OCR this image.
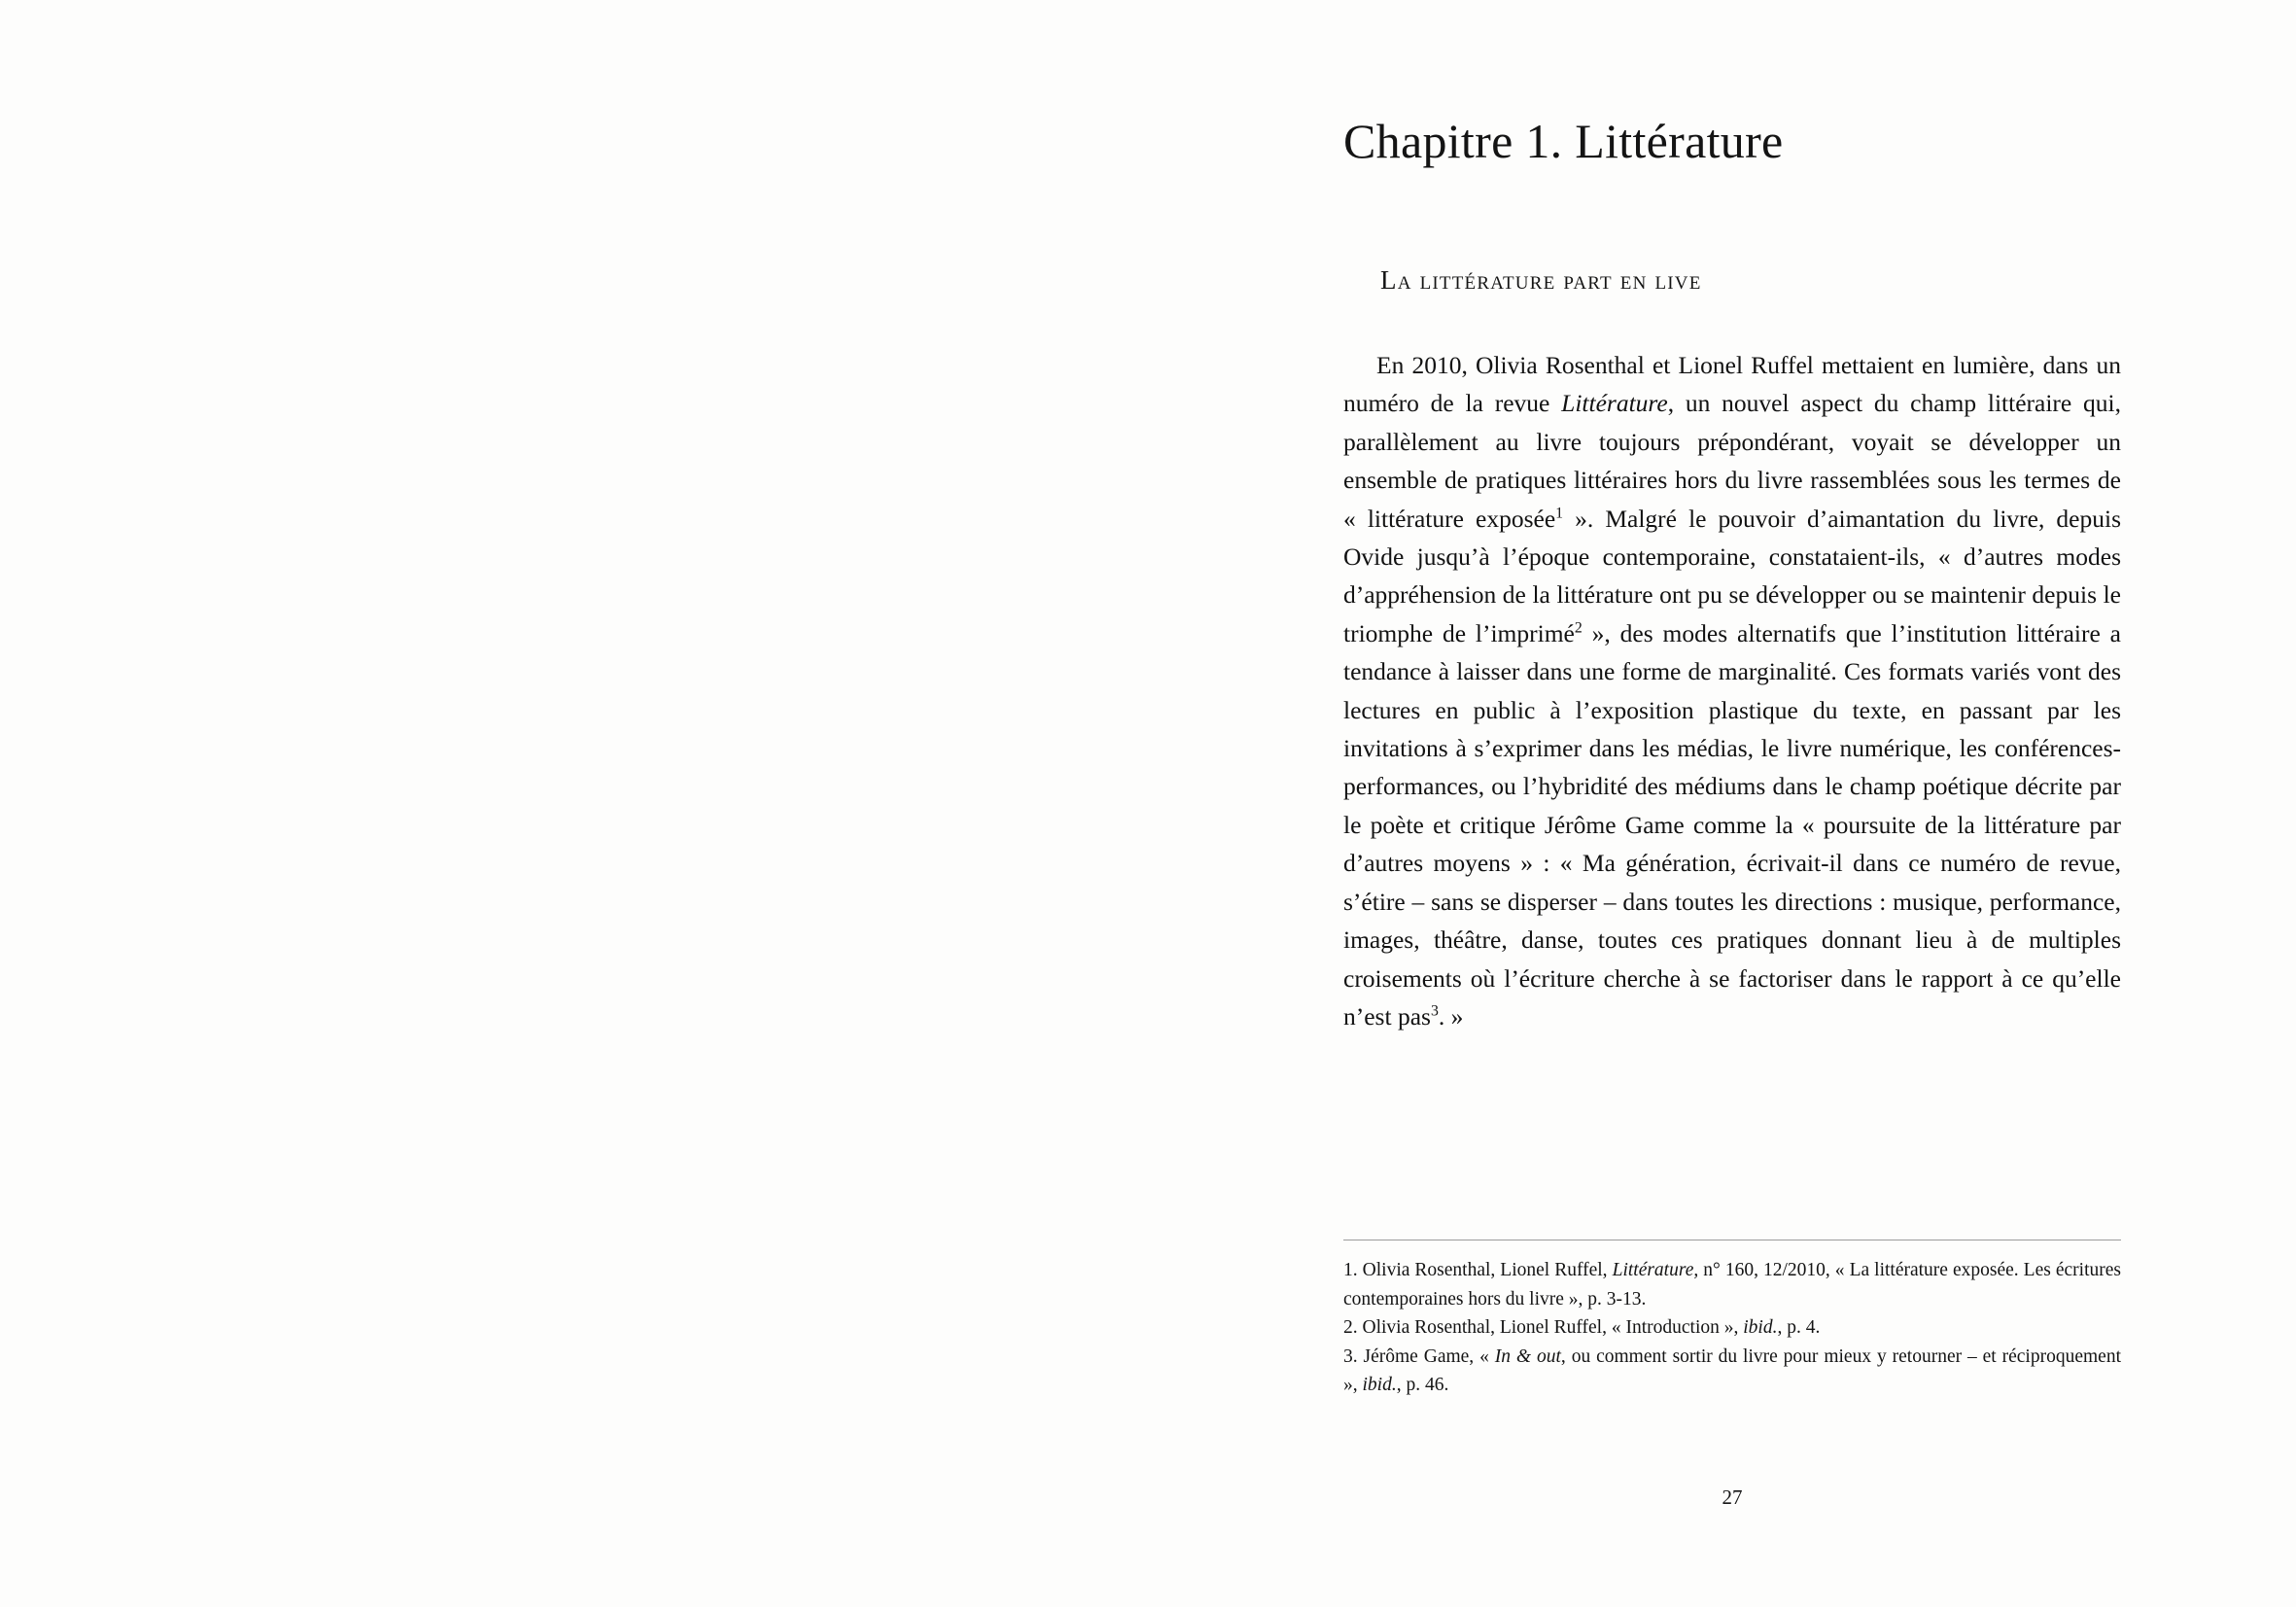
Chapitre 1. Littérature
La littérature part en live

En 2010, Olivia Rosenthal et Lionel Ruffel mettaient en lumière, dans un numéro de la revue Littérature, un nouvel aspect du champ littéraire qui, parallèlement au livre toujours prépondérant, voyait se développer un ensemble de pratiques littéraires hors du livre rassemblées sous les termes de « littérature exposée$^1$ ». Malgré le pouvoir d’aimantation du livre, depuis Ovide jusqu’à l’époque contemporaine, constataient-ils, « d’autres modes d’appréhension de la littérature ont pu se développer ou se maintenir depuis le triomphe de l’imprimé$^2$ », des modes alternatifs que l’institution littéraire a tendance à laisser dans une forme de marginalité. Ces formats variés vont des lectures en public à l’exposition plastique du texte, en passant par les invitations à s’exprimer dans les médias, le livre numérique, les conférences-performances, ou l’hybridité des médiums dans le champ poétique décrite par le poète et critique Jérôme Game comme la « poursuite de la littérature par d’autres moyens » : « Ma génération, écrivait-il dans ce numéro de revue, s’étire – sans se disperser – dans toutes les directions : musique, performance, images, théâtre, danse, toutes ces pratiques donnant lieu à de multiples croisements où l’écriture cherche à se factoriser dans le rapport à ce qu’elle n’est pas$^3$. »

1. Olivia Rosenthal, Lionel Ruffel, Littérature, n° 160, 12/2010, « La littérature exposée. Les écritures contemporaines hors du livre », p. 3-13.

2. Olivia Rosenthal, Lionel Ruffel, « Introduction », ibid., p. 4.

3. Jérôme Game, « In & out, ou comment sortir du livre pour mieux y retourner – et réciproquement », ibid., p. 46.

27
